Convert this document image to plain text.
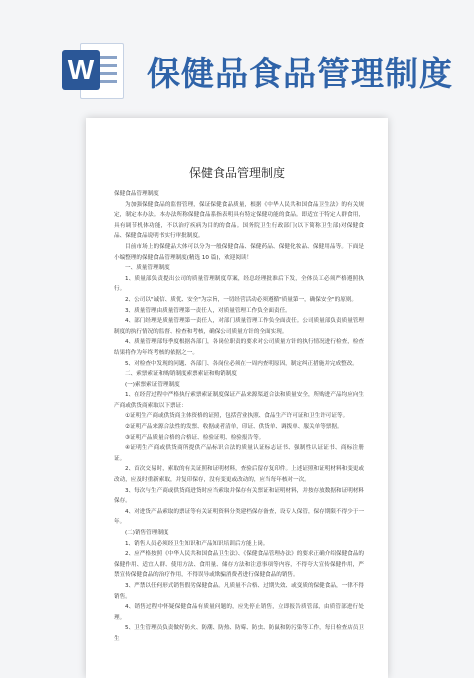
W 保健品食品管理制度
保健食品管理制度

保健食品管理制度

为加强保健食品的监督管理，保证保健食品质量，根据《中华人民共和国食品卫生法》的有关规定，制定本办法。本办法所称保健食品系指表明具有特定保健功能的食品。即适宜于特定人群食用，具有调节机体功能，不以治疗疾病为目的的食品。国务院卫生行政部门(以下简称卫生部)对保健食品、保健食品说明书实行审批制度。

目前市场上的保健品大体可以分为一般保健食品、保健药品、保健化妆品、保健用品等。下面是小编整理的保健食品管理制度(精选 10 篇)，欢迎阅读！

一、质量管理制度

1、质量部负责提出公司的质量管理制度草案，经总经理批准后下发，全体员工必须严格遵照执行。

2、公司以"诚信、质优、安全"为宗旨，一切经营活动必须遵循"质量第一，确保安全"的原则。

3、质量管理由质量管理第一责任人，对质量管理工作负全面责任。

4、部门经理是质量管理第一责任人，对部门质量管理工作负全面责任。公司质量部负责质量管理制度的执行情况的监督、检查和考核，确保公司质量方针的全面实现。

4、质量管理部每季度根据各部门，各岗位职责的要求对公司质量方针的执行情况进行检查，检查结果将作为年终考核的依据之一。

5、对检查中发现的问题、各部门、各岗位必须在一周内查明原因，制定纠正措施并完成整改。

二、索票索证和购销制度索票索证和购销制度

(一)索票索证管理制度

1、在经营过程中严格执行索票索证制度保证产品来源渠道合法和质量安全，所购进产品均应向生产商或供货商索取以下票证：

①证明生产商或供货商主体资格的证照，包括营业执照、食品生产许可证和卫生许可证等。

②证明产品来源合法性的发票、收据或者清单，印证、供货单、调拨单、服关单等票据。

③证明产品质量合格的合格证、检验证明、检验报告等。

④证明生产商或供货商所提供产品标识合法的质量认证标志证书、强制性认证证书、商标注册证。

2、首次交易时，索取的有关证照和证明材料，查验后留存复印件。上述证照和证明材料和变更或改动，应及时重新索取，并复印保存，没有变更或改动的，应当每年核对一次。

3、每次与生产商或供货商进货时应当索取并保存有关票证和证明材料，并按存放数据和证明材料保存。

4、对进货产品索取的票证等有关证明资料分类建档保存备查，设专人保管，保存期限不得少于一年。

(二)销售管理制度

1、销售人员必须经卫生知识和产品知识培训后方能上岗。

2、应严格按照《中华人民共和国食品卫生法》、《保健食品管理办法》的要求正确介绍保健食品的保健作用、适宜人群、使用方法、食用量、储存方法和注意事项等内容，不得夸大宣传保健作用，严禁宣传保健食品的治疗作用，不得误导或欺骗消费者进行保健食品的销售。

3、严禁以任何形式销售假劣保健食品。凡质量不合格、过期失效、或变质的保健食品，一律不得销售。

4、销售过程中怀疑保健食品有质量问题的，应先停止销售，立即报告质管部，由质管部进行处理。

5、卫生管理员负责做好防火、防潮、防热、防霉、防虫、防鼠和防污染等工作，每日检查店员卫生
